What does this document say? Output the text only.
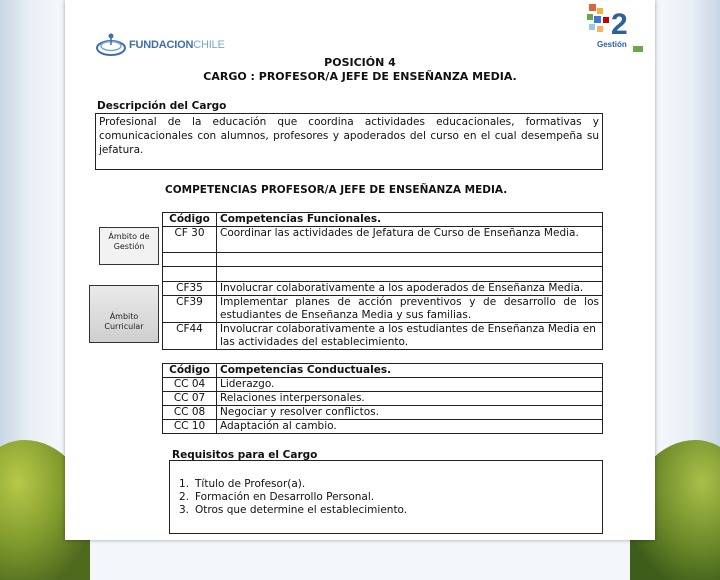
FUNDACIONCHILE
2
Gestión
POSICIÓN 4
CARGO : PROFESOR/A JEFE DE ENSEÑANZA MEDIA.
Descripción del Cargo
Profesional de la educación que coordina actividades educacionales, formativas y comunicacionales con alumnos, profesores y apoderados del curso en el cual desempeña su jefatura.
COMPETENCIAS PROFESOR/A JEFE DE ENSEÑANZA MEDIA.
Ámbito de Gestión
Ámbito Curricular
Código	Competencias Funcionales.
CF 30	Coordinar las actividades de Jefatura de Curso de Enseñanza Media.

CF35	Involucrar colaborativamente a los apoderados de Enseñanza Media.
CF39	Implementar planes de acción preventivos y de desarrollo de los estudiantes de Enseñanza Media y sus familias.
CF44	Involucrar colaborativamente a los estudiantes de Enseñanza Media en las actividades del establecimiento.
Código	Competencias Conductuales.
CC 04	Liderazgo.
CC 07	Relaciones interpersonales.
CC 08	Negociar y resolver conflictos.
CC 10	Adaptación al cambio.
Requisitos para el Cargo
1. Título de Profesor(a).
2. Formación en Desarrollo Personal.
3. Otros que determine el establecimiento.
